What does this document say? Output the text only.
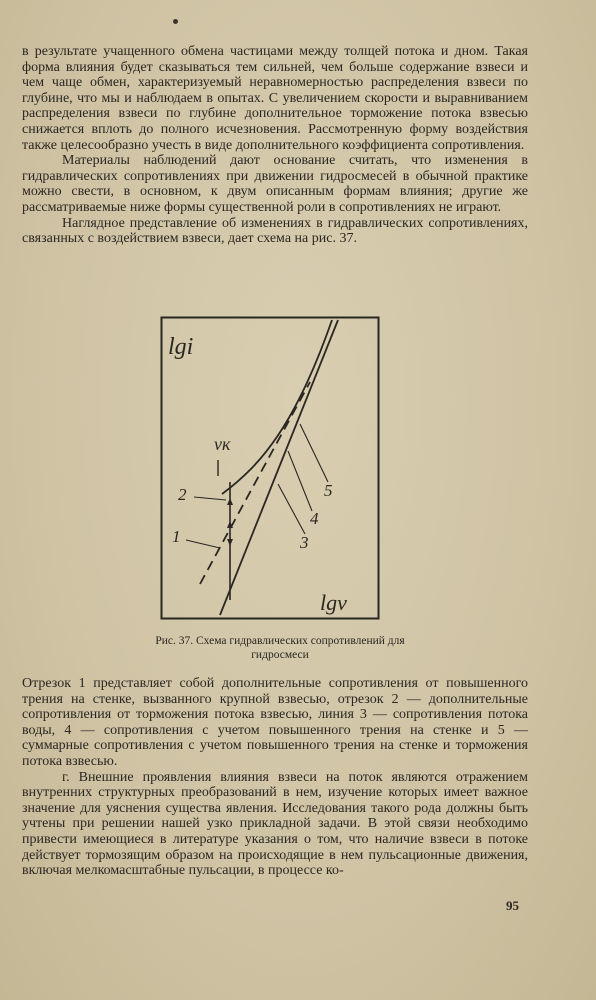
в результате учащенного обмена частицами между толщей потока и дном. Такая форма влияния будет сказываться тем сильней, чем больше содержание взвеси и чем чаще обмен, характеризуемый неравномерностью распределения взвеси по глубине, что мы и наблюдаем в опытах. С увеличением скорости и выравниванием распределения взвеси по глубине дополнительное торможение потока взвесью снижается вплоть до полного исчезновения. Рассмотренную форму воздействия также целесообразно учесть в виде дополнительного коэффициента сопротивления.

Материалы наблюдений дают основание считать, что изменения в гидравлических сопротивлениях при движении гидросмесей в обычной практике можно свести, в основном, к двум описанным формам влияния; другие же рассматриваемые ниже формы существенной роли в сопротивлениях не играют.

Наглядное представление об изменениях в гидравлических сопротивлениях, связанных с воздействием взвеси, дает схема на рис. 37.

lgi
lgv
vк
2
1	3
4
5
Рис. 37. Схема гидравлических сопротивлений для гидросмеси

Отрезок 1 представляет собой дополнительные сопротивления от повышенного трения на стенке, вызванного крупной взвесью, отрезок 2 — дополнительные сопротивления от торможения потока взвесью, линия 3 — сопротивления потока воды, 4 — сопротивления с учетом повышенного трения на стенке и 5 — суммарные сопротивления с учетом повышенного трения на стенке и торможения потока взвесью.

г. Внешние проявления влияния взвеси на поток являются отражением внутренних структурных преобразований в нем, изучение которых имеет важное значение для уяснения существа явления. Исследования такого рода должны быть учтены при решении нашей узко прикладной задачи. В этой связи необходимо привести имеющиеся в литературе указания о том, что наличие взвеси в потоке действует тормозящим образом на происходящие в нем пульсационные движения, включая мелкомасштабные пульсации, в процессе ко-

95
